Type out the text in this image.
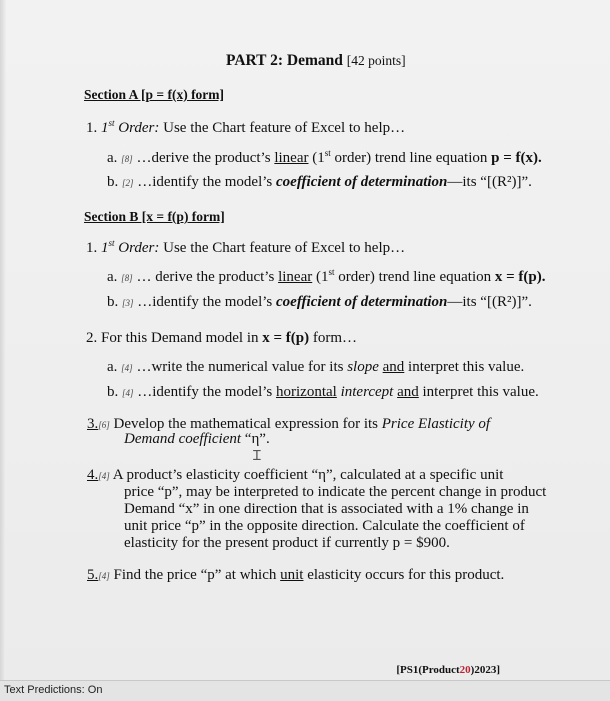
PART 2: Demand [42 points]
Section A [p = f(x) form]
1. 1st Order: Use the Chart feature of Excel to help…
a. [8] …derive the product’s linear (1st order) trend line equation p = f(x).
b. [2] …identify the model’s coefficient of determination—its “[(R²)]”.
Section B [x = f(p) form]
1. 1st Order: Use the Chart feature of Excel to help…
a. [8] … derive the product’s linear (1st order) trend line equation x = f(p).
b. [3] …identify the model’s coefficient of determination—its “[(R²)]”.
2. For this Demand model in x = f(p) form…
a. [4] …write the numerical value for its slope and interpret this value.
b. [4] …identify the model’s horizontal intercept and interpret this value.
3.[6] Develop the mathematical expression for its Price Elasticity of
Demand coefficient “η”.
Ɪ
4.[4] A product’s elasticity coefficient “η”, calculated at a specific unit
price “p”, may be interpreted to indicate the percent change in product
Demand “x” in one direction that is associated with a 1% change in
unit price “p” in the opposite direction. Calculate the coefficient of
elasticity for the present product if currently p = $900.
5.[4] Find the price “p” at which unit elasticity occurs for this product.
[PS1(Product20)2023]
Text Predictions: On
